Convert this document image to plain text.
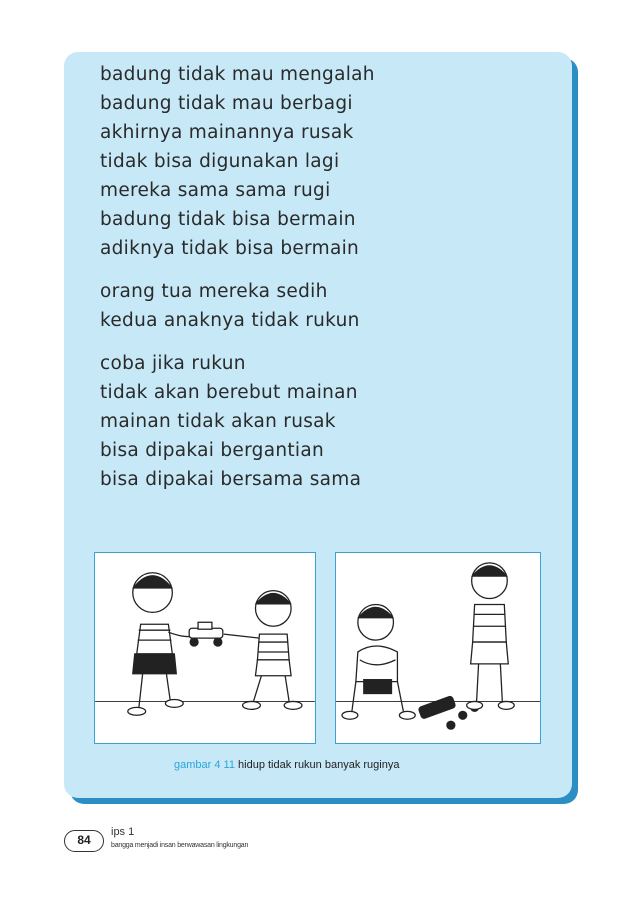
badung tidak mau mengalah
badung tidak mau berbagi
akhirnya mainannya rusak
tidak bisa digunakan lagi
mereka sama sama rugi
badung tidak bisa bermain
adiknya tidak bisa bermain
orang tua mereka sedih
kedua anaknya tidak rukun
coba jika rukun
tidak akan berebut mainan
mainan tidak akan rusak
bisa dipakai bergantian
bisa dipakai bersama sama
gambar 4 11 hidup tidak rukun banyak ruginya
84
ips 1
bangga menjadi insan berwawasan lingkungan
